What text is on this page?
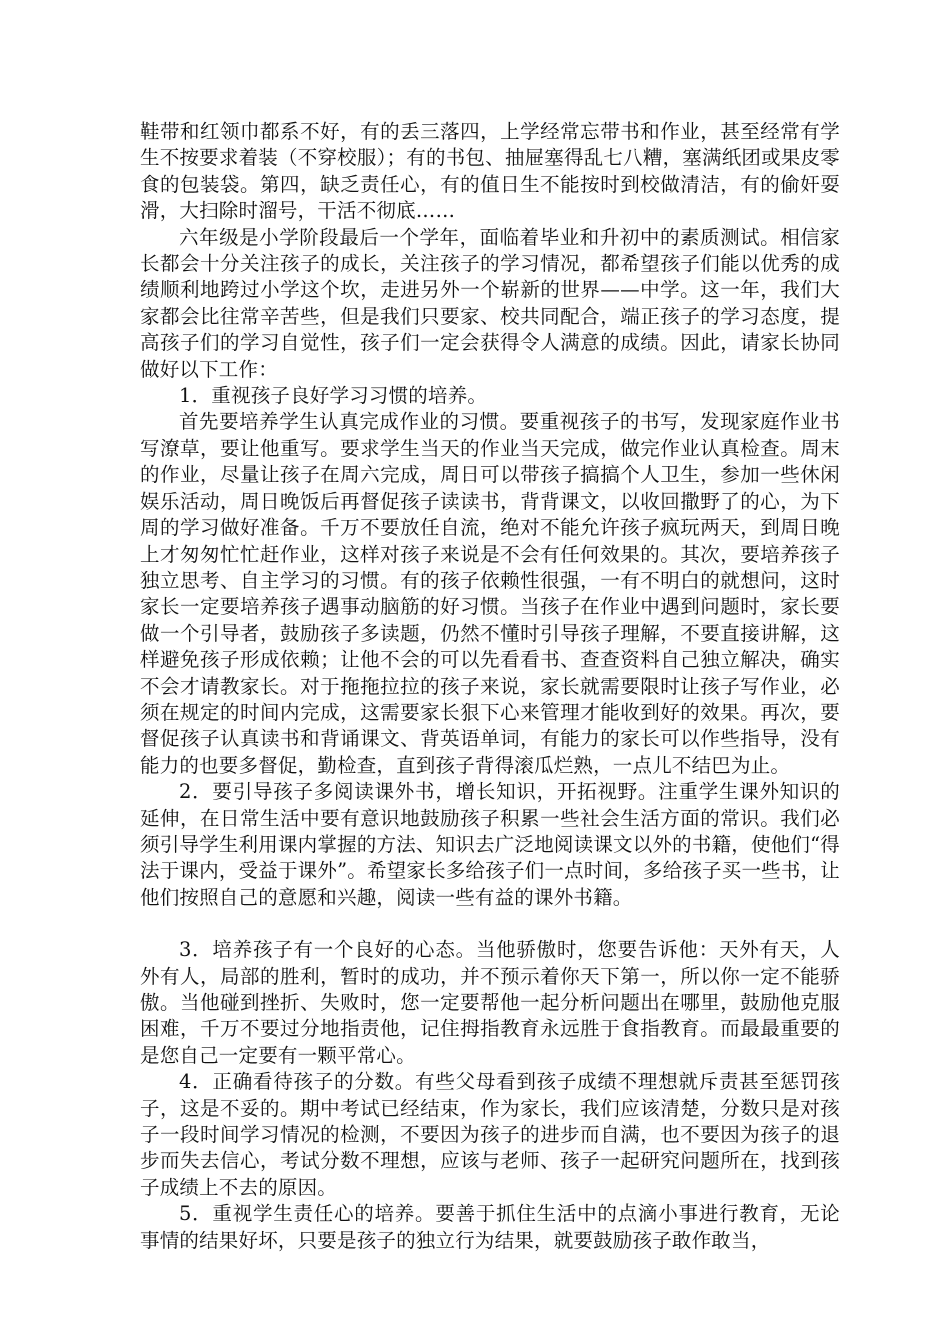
鞋带和红领巾都系不好，有的丢三落四，上学经常忘带书和作业，甚至经常有学生不按要求着装（不穿校服）；有的书包、抽屉塞得乱七八糟，塞满纸团或果皮零食的包装袋。第四，缺乏责任心，有的值日生不能按时到校做清洁，有的偷奸耍滑，大扫除时溜号，干活不彻底……

六年级是小学阶段最后一个学年，面临着毕业和升初中的素质测试。相信家长都会十分关注孩子的成长，关注孩子的学习情况，都希望孩子们能以优秀的成绩顺利地跨过小学这个坎，走进另外一个崭新的世界——中学。这一年，我们大家都会比往常辛苦些，但是我们只要家、校共同配合，端正孩子的学习态度，提高孩子们的学习自觉性，孩子们一定会获得令人满意的成绩。因此，请家长协同做好以下工作：

1．重视孩子良好学习习惯的培养。

首先要培养学生认真完成作业的习惯。要重视孩子的书写，发现家庭作业书写潦草，要让他重写。要求学生当天的作业当天完成，做完作业认真检查。周末的作业，尽量让孩子在周六完成，周日可以带孩子搞搞个人卫生，参加一些休闲娱乐活动，周日晚饭后再督促孩子读读书，背背课文，以收回撒野了的心，为下周的学习做好准备。千万不要放任自流，绝对不能允许孩子疯玩两天，到周日晚上才匆匆忙忙赶作业，这样对孩子来说是不会有任何效果的。其次，要培养孩子独立思考、自主学习的习惯。有的孩子依赖性很强，一有不明白的就想问，这时家长一定要培养孩子遇事动脑筋的好习惯。当孩子在作业中遇到问题时，家长要做一个引导者，鼓励孩子多读题，仍然不懂时引导孩子理解，不要直接讲解，这样避免孩子形成依赖；让他不会的可以先看看书、查查资料自己独立解决，确实不会才请教家长。对于拖拖拉拉的孩子来说，家长就需要限时让孩子写作业，必须在规定的时间内完成，这需要家长狠下心来管理才能收到好的效果。再次，要督促孩子认真读书和背诵课文、背英语单词，有能力的家长可以作些指导，没有能力的也要多督促，勤检查，直到孩子背得滚瓜烂熟，一点儿不结巴为止。

2．要引导孩子多阅读课外书，增长知识，开拓视野。注重学生课外知识的延伸，在日常生活中要有意识地鼓励孩子积累一些社会生活方面的常识。我们必须引导学生利用课内掌握的方法、知识去广泛地阅读课文以外的书籍，使他们“得法于课内，受益于课外”。希望家长多给孩子们一点时间，多给孩子买一些书，让他们按照自己的意愿和兴趣，阅读一些有益的课外书籍。

3．培养孩子有一个良好的心态。当他骄傲时，您要告诉他：天外有天，人外有人，局部的胜利，暂时的成功，并不预示着你天下第一，所以你一定不能骄傲。当他碰到挫折、失败时，您一定要帮他一起分析问题出在哪里，鼓励他克服困难，千万不要过分地指责他，记住拇指教育永远胜于食指教育。而最最重要的是您自己一定要有一颗平常心。

4．正确看待孩子的分数。有些父母看到孩子成绩不理想就斥责甚至惩罚孩子，这是不妥的。期中考试已经结束，作为家长，我们应该清楚，分数只是对孩子一段时间学习情况的检测，不要因为孩子的进步而自满，也不要因为孩子的退步而失去信心，考试分数不理想，应该与老师、孩子一起研究问题所在，找到孩子成绩上不去的原因。

5．重视学生责任心的培养。要善于抓住生活中的点滴小事进行教育，无论事情的结果好坏，只要是孩子的独立行为结果，就要鼓励孩子敢作敢当，
